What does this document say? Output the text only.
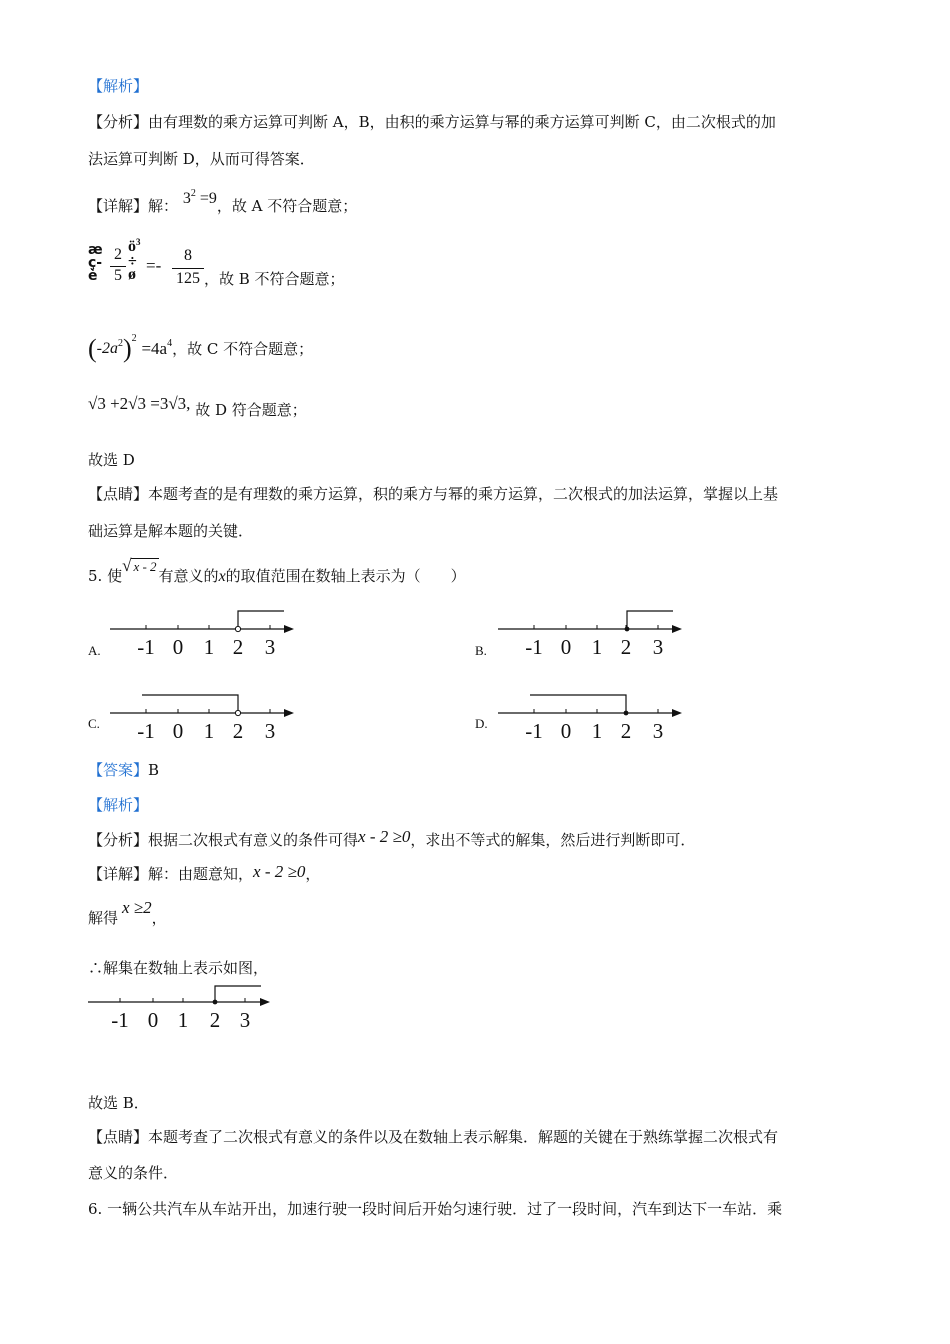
【解析】
【分析】由有理数的乘方运算可判断 A，B，由积的乘方运算与幂的乘方运算可判断 C，由二次根式的加
法运算可判断 D，从而可得答案．
【详解】解： $3^2 =9$，故 A 不符合题意；
æ
ç-
è
2
5
$ö^3$
÷
ø =-
8
125 ，故 B 不符合题意；
$(-2a^2)^2 =4a^4$，故 C 不符合题意；
√3 +2√3 =3√3, 故 D 符合题意；
故选 D
【点睛】本题考查的是有理数的乘方运算，积的乘方与幂的乘方运算，二次根式的加法运算，掌握以上基
础运算是解本题的关键．
5. 使√ x - 2有意义的x的取值范围在数轴上表示为（　　）
A.	B.
C.	D.
-1 0 1 2 3	-1 0 1 2 3
-1 0 1 2 3	-1 0 1 2 3
【答案】B
【解析】
【分析】根据二次根式有意义的条件可得x - 2 ≥0，求出不等式的解集，然后进行判断即可．
【详解】解：由题意知，x - 2 ≥0，
解得x ≥2，
∴解集在数轴上表示如图，
-1 0 1 2 3
故选 B．
【点睛】本题考查了二次根式有意义的条件以及在数轴上表示解集．解题的关键在于熟练掌握二次根式有
意义的条件．
6. 一辆公共汽车从车站开出，加速行驶一段时间后开始匀速行驶．过了一段时间，汽车到达下一车站．乘
